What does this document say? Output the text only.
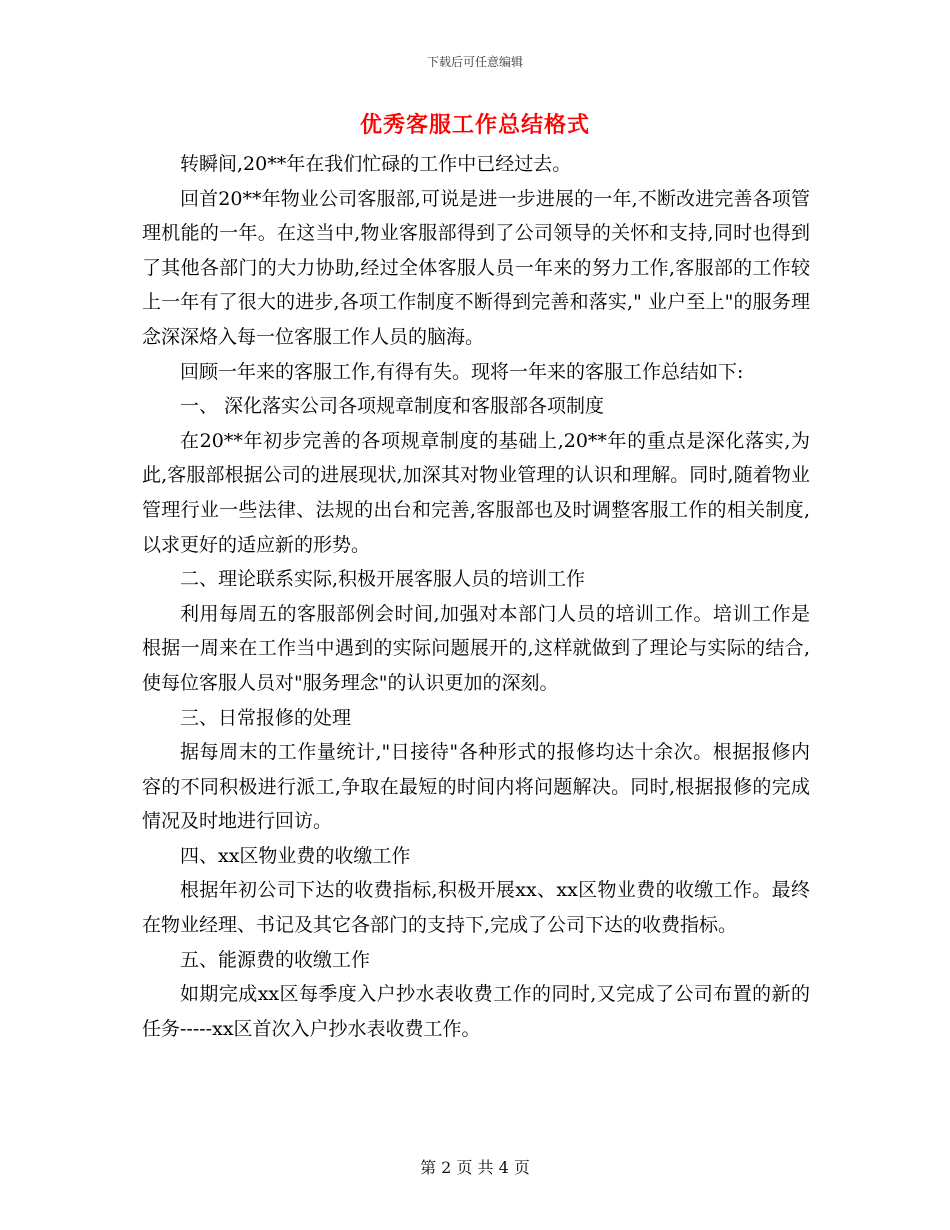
下载后可任意编辑
优秀客服工作总结格式

转瞬间,20**年在我们忙碌的工作中已经过去。

回首20**年物业公司客服部,可说是进一步进展的一年,不断改进完善各项管理机能的一年。在这当中,物业客服部得到了公司领导的关怀和支持,同时也得到了其他各部门的大力协助,经过全体客服人员一年来的努力工作,客服部的工作较上一年有了很大的进步,各项工作制度不断得到完善和落实," 业户至上"的服务理念深深烙入每一位客服工作人员的脑海。

回顾一年来的客服工作,有得有失。现将一年来的客服工作总结如下:

一、 深化落实公司各项规章制度和客服部各项制度

在20**年初步完善的各项规章制度的基础上,20**年的重点是深化落实,为此,客服部根据公司的进展现状,加深其对物业管理的认识和理解。同时,随着物业管理行业一些法律、法规的出台和完善,客服部也及时调整客服工作的相关制度,以求更好的适应新的形势。

二、理论联系实际,积极开展客服人员的培训工作

利用每周五的客服部例会时间,加强对本部门人员的培训工作。培训工作是根据一周来在工作当中遇到的实际问题展开的,这样就做到了理论与实际的结合,使每位客服人员对"服务理念"的认识更加的深刻。

三、日常报修的处理

据每周末的工作量统计,"日接待"各种形式的报修均达十余次。根据报修内容的不同积极进行派工,争取在最短的时间内将问题解决。同时,根据报修的完成情况及时地进行回访。

四、xx区物业费的收缴工作

根据年初公司下达的收费指标,积极开展xx、xx区物业费的收缴工作。最终在物业经理、书记及其它各部门的支持下,完成了公司下达的收费指标。

五、能源费的收缴工作

如期完成xx区每季度入户抄水表收费工作的同时,又完成了公司布置的新的任务-----xx区首次入户抄水表收费工作。

第 2 页 共 4 页
